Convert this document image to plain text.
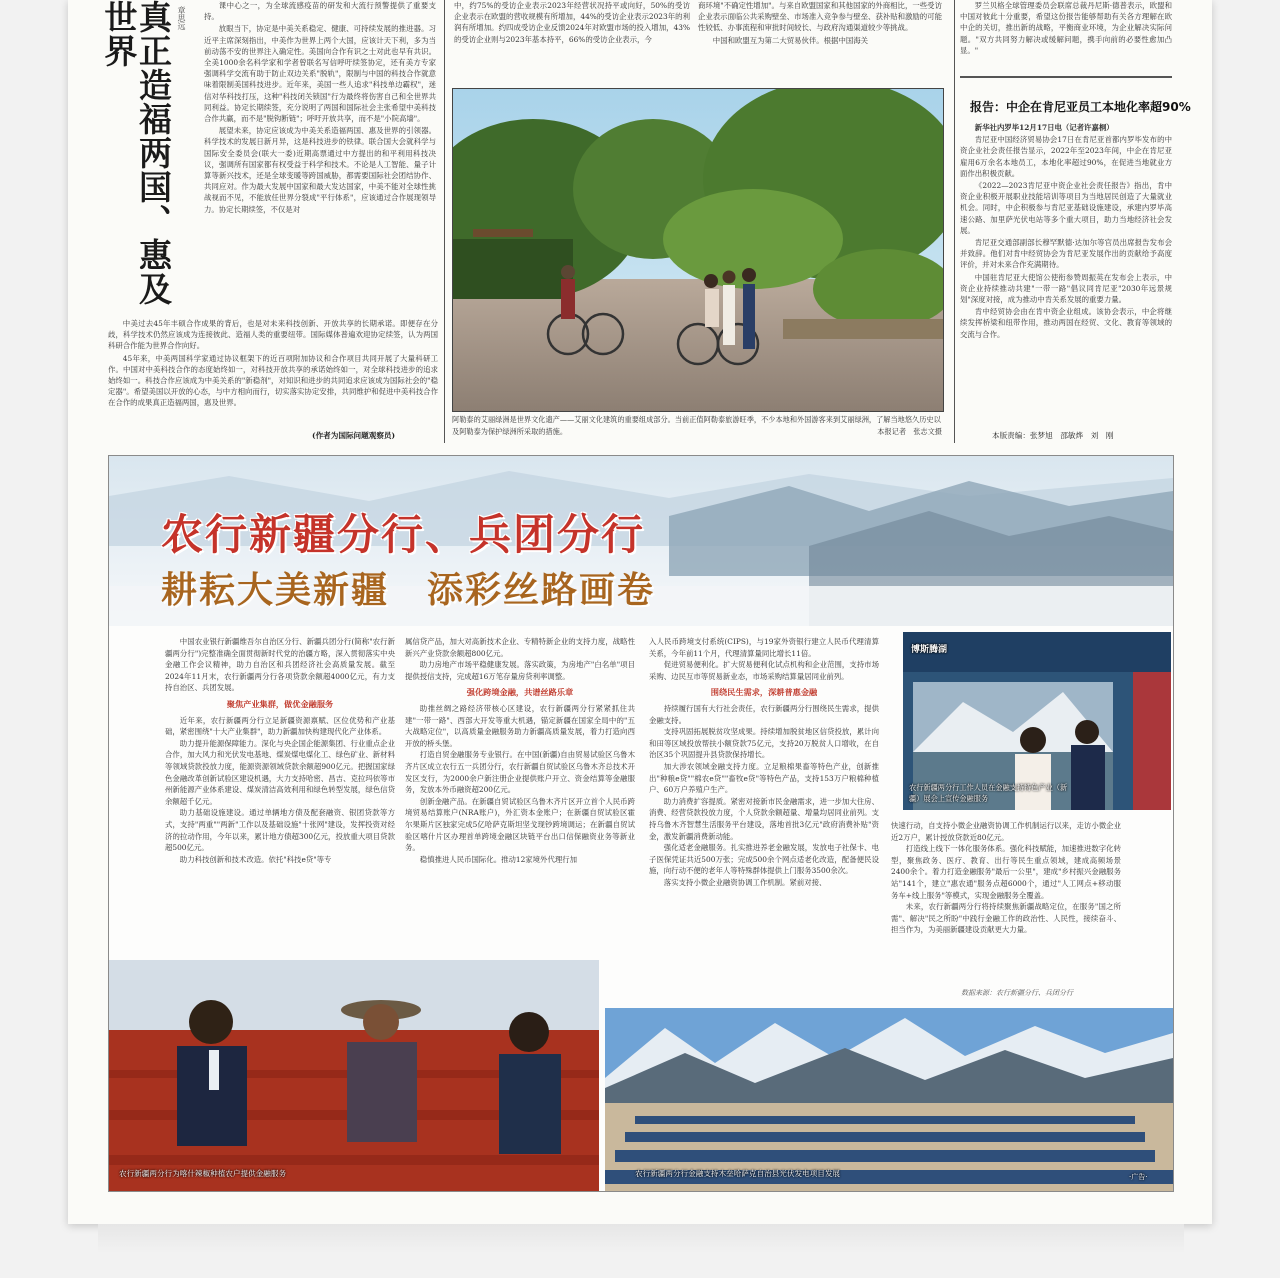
真正造福两国、惠及世界	章思远

课中心之一，为全球流感疫苗的研发和大流行预警提供了重要支持。

放眼当下，协定是中美关系稳定、健康、可持续发展的推进器。习近平主席深刻指出，中美作为世界上两个大国，应该计天下利，多为当前动荡不安的世界注入确定性。美国向合作有识之士对此也早有共识。全美1000余名科学家和学者曾联名写信呼吁续签协定，还有美方专家强调科学交流有助于防止双边关系"脱轨"，限制与中国的科技合作就意味着限制美国科技进步。近年来，美国一些人追求"科技单边霸权"，迷信对华科技打压，这种"科技闭关锁国"行为最终将伤害自己和全世界共同利益。协定长期续签，充分说明了两国和国际社会主张希望中美科技合作共赢，而不是"脱钩断链"；呼吁开放共享，而不是"小院高墙"。

展望未来，协定应该成为中美关系造福两国、惠及世界的引领器。科学技术的发展日新月异，这是科技进步的铁律。联合国大会就科学与国际安全委员会(联大一委)近期高票通过中方提出的和平利用科技决议，强调所有国家都有权受益于科学和技术。不论是人工智能、量子计算等新兴技术，还是全球变暖等跨国威胁，都需要国际社会团结协作、共同应对。作为最大发展中国家和最大发达国家，中美不能对全球性挑战视而不见，不能放任世界分裂成"平行体系"，应该通过合作展现领导力。协定长期续签，不仅是对

中美过去45年丰硕合作成果的背后，也是对未来科技创新、开放共享的长期承诺。即便存在分歧，科学技术仍然应该成为连接彼此、造福人类的重要纽带。国际媒体普遍欢迎协定续签，认为两国科研合作能为世界合作向好。

45年来，中美两国科学家通过协议框架下的近百项附加协议和合作项目共同开展了大量科研工作。中国对中美科技合作的态度始终如一，对科技开放共享的承诺始终如一，对全球科技进步的追求始终如一。科技合作应该成为中美关系的"新稳剂"，对知识和进步的共同追求应该成为国际社会的"稳定器"。希望美国以开放的心态，与中方相向而行，切实落实协定安排，共同维护和促进中美科技合作在合作的成果真正造福两国，惠及世界。

(作者为国际问题观察员)

中，约75%的受访企业表示2023年经营状况持平或向好，50%的受访企业表示在欧盟的营收规模有所增加，44%的受访企业表示2023年的利润有所增加。约四成受访企业反馈2024年对欧盟市场的投入增加，43%的受访企业则与2023年基本持平，66%的受访企业表示，今

商环境"不确定性增加"。与来自欧盟国家和其他国家的外商相比，一些受访企业表示面临公共采购壁垒、市场准入竞争参与壁垒、获补贴和激励的可能性较低、办事流程和审批时间较长、与政府沟通渠道较少等挑战。

中国和欧盟互为第二大贸易伙伴。根据中国海关

阿勒泰的艾丽绿洲是世界文化遗产——艾丽文化建筑的重要组成部分。当前正值阿勒泰旅游旺季，不少本地和外国游客来到艾丽绿洲，了解当地悠久历史以及阿勒泰为保护绿洲所采取的措施。	本报记者　张志文摄

罗兰贝格全球管理委员会联席总裁丹尼斯·德普表示，欧盟和中国对彼此十分重要，希望这份报告能够帮助有关各方理解在欧中企的关切，推出新的战略，平衡商业环境，为企业解决实际问题。"双方共同努力解决或缓解问题，携手向前的必要性愈加凸显。"

报告：中企在肯尼亚员工本地化率超90%

新华社内罗毕12月17日电（记者许嘉桐）

肯尼亚中国经济贸易协会17日在肯尼亚首都内罗毕发布的中资企业社会责任报告显示，2022年至2023年间，中企在肯尼亚雇用6万余名本地员工，本地化率超过90%，在促进当地就业方面作出积极贡献。

《2022—2023肯尼亚中资企业社会责任报告》指出，肯中资企业积极开展职业技能培训等项目为当地居民创造了大量就业机会。同时，中企积极参与肯尼亚基础设施建设，承建内罗毕高速公路、加里萨光伏电站等多个重大项目，助力当地经济社会发展。

肯尼亚交通部副部长穆罕默德·达加尔等官员出席报告发布会并致辞。他们对肯中经贸协会为肯尼亚发展作出的贡献给予高度评价，并对未来合作充满期待。

中国驻肯尼亚大使馆公使衔参赞周振英在发布会上表示，中资企业持续推动共建"一带一路"倡议同肯尼亚"2030年远景规划"深度对接，成为推动中肯关系发展的重要力量。

肯中经贸协会由在肯中资企业组成。该协会表示，中企将继续发挥桥梁和纽带作用，推动两国在经贸、文化、教育等领域的交流与合作。

本版责编：张梦旭　邵敏烨　刘　刚
农行新疆分行、兵团分行
耕耘大美新疆　添彩丝路画卷

中国农业银行新疆维吾尔自治区分行、新疆兵团分行(简称"农行新疆两分行")完整准确全面贯彻新时代党的治疆方略，深入贯彻落实中央金融工作会议精神，助力自治区和兵团经济社会高质量发展。截至2024年11月末，农行新疆两分行各项贷款余额超4000亿元，有力支持自治区、兵团发展。

聚焦产业集群，做优金融服务

近年来，农行新疆两分行立足新疆资源禀赋、区位优势和产业基础，紧密围绕"十大产业集群"，助力新疆加快构建现代化产业体系。

助力提升能源保障能力。深化与央企国企能源集团、行业重点企业合作，加大风力和光伏发电基地、煤炭煤电煤化工、绿色矿业、新材料等领域贷款投放力度，能源资源领域贷款余额超900亿元。把握国家绿色金融改革创新试验区建设机遇，大力支持哈密、昌吉、克拉玛依等市州新能源产业体系建设、煤炭清洁高效利用和绿色转型发展，绿色信贷余额超千亿元。

助力基础设施建设。通过单辆地方债及配套融资、银团贷款等方式，支持"两重""两新"工作以及基础设施"十张网"建设，发挥投资对经济的拉动作用，今年以来，累计地方债超300亿元，投放重大项目贷款超500亿元。

助力科技创新和技术改造。依托"科技e贷"等专

属信贷产品，加大对高新技术企业、专精特新企业的支持力度，战略性新兴产业贷款余额超800亿元。

助力房地产市场平稳健康发展。落实政策，为房地产"白名单"项目提供授信支持，完成超16万笔存量房贷利率调整。

强化跨境金融，共谱丝路乐章

助推丝绸之路经济带核心区建设，农行新疆两分行紧紧抓住共建"一带一路"、西部大开发等重大机遇，锚定新疆在国家全局中的"五大战略定位"，以高质量金融服务助力新疆高质量发展，着力打造向西开放的桥头堡。

打造自贸金融服务专业银行。在中国(新疆)自由贸易试验区乌鲁木齐片区成立农行五一兵团分行，农行新疆自贸试验区乌鲁木齐总技术开发区支行，为2000余户新注册企业提供账户开立、资金结算等金融服务，发放本外币融资超200亿元。

创新金融产品。在新疆自贸试验区乌鲁木齐片区开立首个人民币跨境贸易结算账户(NRA账户)，外汇资本金账户；在新疆自贸试验区霍尔果斯片区独家完成5亿哈萨克斯坦坚戈现钞跨境调运；在新疆自贸试验区喀什片区办理首单跨境金融区块链平台出口信保融资业务等新业务。

稳慎推进人民币国际化。推动12家境外代理行加

入人民币跨境支付系统(CIPS)，与19家外资银行建立人民币代理清算关系，今年前11个月，代理清算量同比增长11倍。

促进贸易便利化。扩大贸易便利化试点机构和企业范围，支持市场采购、边民互市等贸易新业态，市场采购结算量居同业前列。

围绕民生需求，深耕普惠金融

持续履行国有大行社会责任，农行新疆两分行围绕民生需求，提供金融支持。

支持巩固拓展脱贫攻坚成果。持续增加脱贫地区信贷投放，累计向和田等区域投放帮扶小额贷款75亿元，支持20万脱贫人口增收，在自治区35个巩固提升县贷款保持增长。

加大涉农领域金融支持力度。立足粮棉果畜等特色产业，创新推出"种粮e贷""棉农e贷""畜牧e贷"等特色产品，支持153万户粮棉种植户、60万户养殖户生产。

助力消费扩容提质。紧密对接新市民金融需求，进一步加大住房、消费、经营贷款投放力度，个人贷款余额超量、增量均居同业前列。支持乌鲁木齐智慧生活服务平台建设，落地首批3亿元"政府消费补贴"资金，激发新疆消费新动能。

强化适老金融服务。扎实推进养老金融发展，发放电子社保卡、电子医保凭证共近500万张；完成500余个网点适老化改造，配备便民设施，向行动不便的老年人等特殊群体提供上门服务3500余次。

落实支持小微企业融资协调工作机制。紧前对接、

博斯腾湖
农行新疆两分行工作人员在金融支持特色产业（新疆）展会上宣传金融服务

快速行动，自支持小微企业融资协调工作机制运行以来，走访小微企业近2万户，累计授放贷款近80亿元。

打造线上线下一体化服务体系。强化科技赋能，加速推进数字化转型，聚焦政务、医疗、教育、出行等民生重点领域，建成高频场景2400余个。着力打造金融服务"最后一公里"，建成"乡村振兴金融服务站"141个，建立"惠农通"服务点超6000个，通过"人工网点+移动服务车+线上服务"等模式，实现金融服务全覆盖。

未来，农行新疆两分行将持续聚焦新疆战略定位，在服务"国之所需"、解决"民之所盼"中践行金融工作的政治性、人民性，接续奋斗、担当作为，为美丽新疆建设贡献更大力量。

数据来源：农行新疆分行、兵团分行
农行新疆两分行为喀什辣椒种植农户提供金融服务	农行新疆两分行金融支持木垒哈萨克自治县光伏发电项目发展	·广告·
